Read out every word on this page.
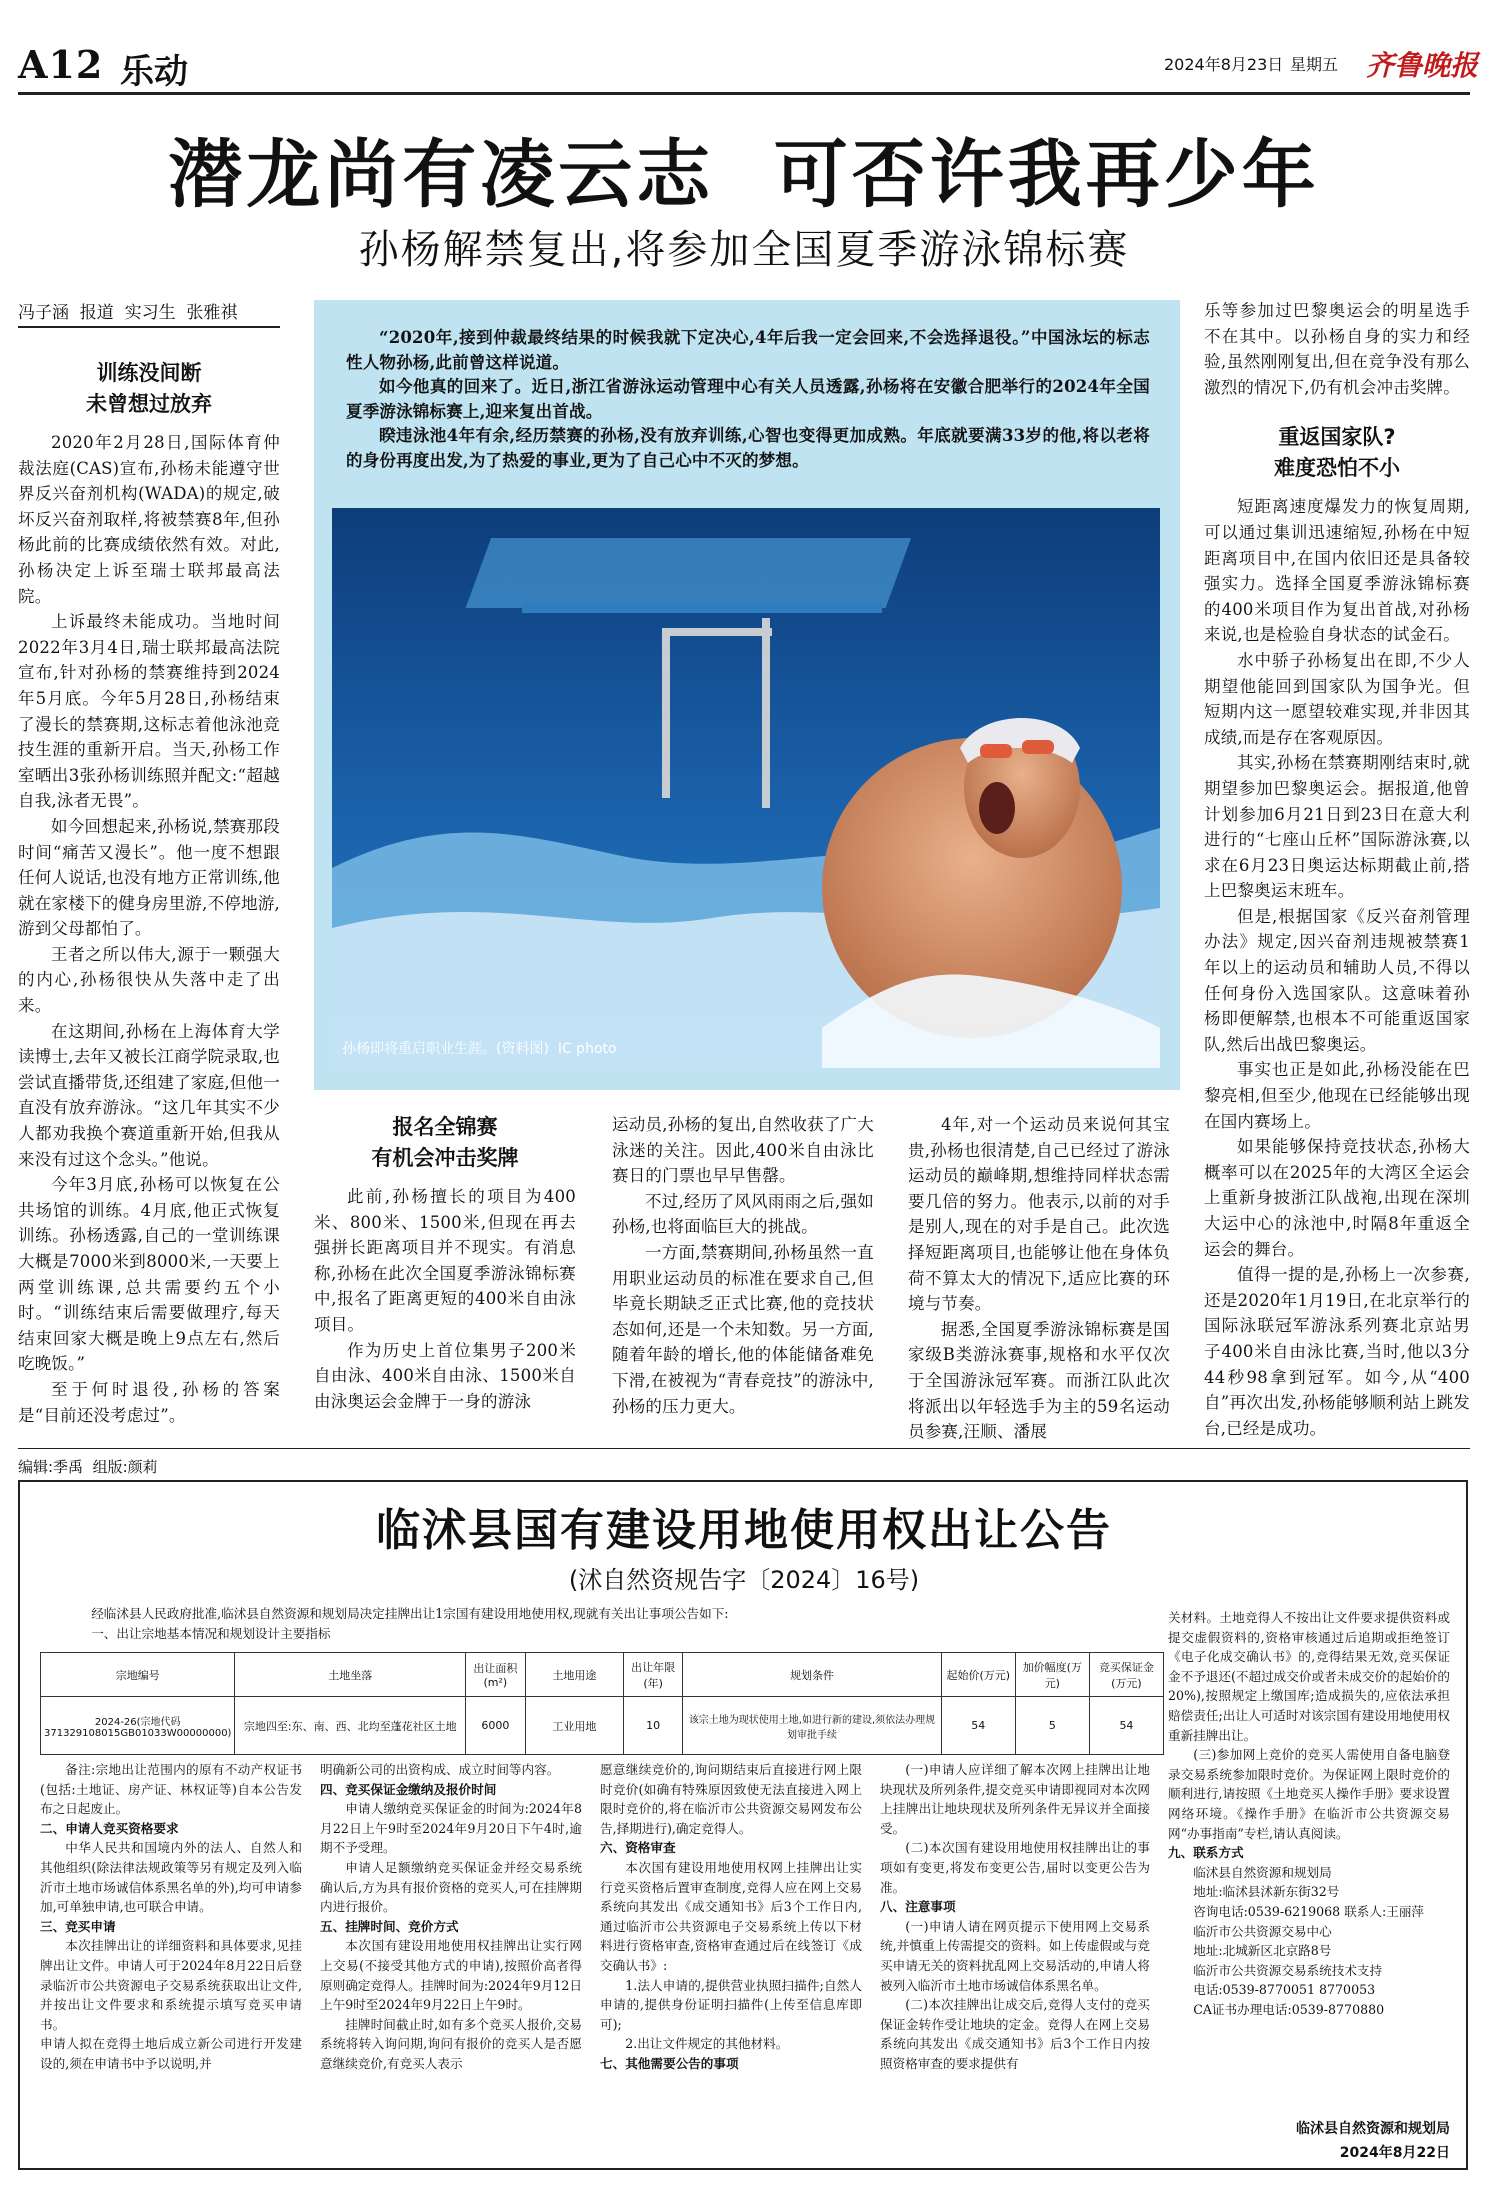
A12 乐动	2024年8月23日 星期五 齐鲁晚报
潜龙尚有凌云志  可否许我再少年
孙杨解禁复出,将参加全国夏季游泳锦标赛
冯子涵  报道  实习生  张雅祺

“2020年,接到仲裁最终结果的时候我就下定决心,4年后我一定会回来,不会选择退役。”中国泳坛的标志性人物孙杨,此前曾这样说道。

如今他真的回来了。近日,浙江省游泳运动管理中心有关人员透露,孙杨将在安徽合肥举行的2024年全国夏季游泳锦标赛上,迎来复出首战。

睽违泳池4年有余,经历禁赛的孙杨,没有放弃训练,心智也变得更加成熟。年底就要满33岁的他,将以老将的身份再度出发,为了热爱的事业,更为了自己心中不灭的梦想。

孙杨即将重启职业生涯。(资料图)  IC photo
训练没间断
未曾想过放弃

2020年2月28日,国际体育仲裁法庭(CAS)宣布,孙杨未能遵守世界反兴奋剂机构(WADA)的规定,破坏反兴奋剂取样,将被禁赛8年,但孙杨此前的比赛成绩依然有效。对此,孙杨决定上诉至瑞士联邦最高法院。

上诉最终未能成功。当地时间2022年3月4日,瑞士联邦最高法院宣布,针对孙杨的禁赛维持到2024年5月底。今年5月28日,孙杨结束了漫长的禁赛期,这标志着他泳池竞技生涯的重新开启。当天,孙杨工作室晒出3张孙杨训练照并配文:“超越自我,泳者无畏”。

如今回想起来,孙杨说,禁赛那段时间“痛苦又漫长”。他一度不想跟任何人说话,也没有地方正常训练,他就在家楼下的健身房里游,不停地游,游到父母都怕了。

王者之所以伟大,源于一颗强大的内心,孙杨很快从失落中走了出来。

在这期间,孙杨在上海体育大学读博士,去年又被长江商学院录取,也尝试直播带货,还组建了家庭,但他一直没有放弃游泳。“这几年其实不少人都劝我换个赛道重新开始,但我从来没有过这个念头。”他说。

今年3月底,孙杨可以恢复在公共场馆的训练。4月底,他正式恢复训练。孙杨透露,自己的一堂训练课大概是7000米到8000米,一天要上两堂训练课,总共需要约五个小时。“训练结束后需要做理疗,每天结束回家大概是晚上9点左右,然后吃晚饭。”

至于何时退役,孙杨的答案是“目前还没考虑过”。

报名全锦赛
有机会冲击奖牌

此前,孙杨擅长的项目为400米、800米、1500米,但现在再去强拼长距离项目并不现实。有消息称,孙杨在此次全国夏季游泳锦标赛中,报名了距离更短的400米自由泳项目。

作为历史上首位集男子200米自由泳、400米自由泳、1500米自由泳奥运会金牌于一身的游泳

运动员,孙杨的复出,自然收获了广大泳迷的关注。因此,400米自由泳比赛日的门票也早早售罄。

不过,经历了风风雨雨之后,强如孙杨,也将面临巨大的挑战。

一方面,禁赛期间,孙杨虽然一直用职业运动员的标准在要求自己,但毕竟长期缺乏正式比赛,他的竞技状态如何,还是一个未知数。另一方面,随着年龄的增长,他的体能储备难免下滑,在被视为“青春竞技”的游泳中,孙杨的压力更大。

4年,对一个运动员来说何其宝贵,孙杨也很清楚,自己已经过了游泳运动员的巅峰期,想维持同样状态需要几倍的努力。他表示,以前的对手是别人,现在的对手是自己。此次选择短距离项目,也能够让他在身体负荷不算太大的情况下,适应比赛的环境与节奏。

据悉,全国夏季游泳锦标赛是国家级B类游泳赛事,规格和水平仅次于全国游泳冠军赛。而浙江队此次将派出以年轻选手为主的59名运动员参赛,汪顺、潘展

乐等参加过巴黎奥运会的明星选手不在其中。以孙杨自身的实力和经验,虽然刚刚复出,但在竞争没有那么激烈的情况下,仍有机会冲击奖牌。

重返国家队?
难度恐怕不小

短距离速度爆发力的恢复周期,可以通过集训迅速缩短,孙杨在中短距离项目中,在国内依旧还是具备较强实力。选择全国夏季游泳锦标赛的400米项目作为复出首战,对孙杨来说,也是检验自身状态的试金石。

水中骄子孙杨复出在即,不少人期望他能回到国家队为国争光。但短期内这一愿望较难实现,并非因其成绩,而是存在客观原因。

其实,孙杨在禁赛期刚结束时,就期望参加巴黎奥运会。据报道,他曾计划参加6月21日到23日在意大利进行的“七座山丘杯”国际游泳赛,以求在6月23日奥运达标期截止前,搭上巴黎奥运末班车。

但是,根据国家《反兴奋剂管理办法》规定,因兴奋剂违规被禁赛1年以上的运动员和辅助人员,不得以任何身份入选国家队。这意味着孙杨即便解禁,也根本不可能重返国家队,然后出战巴黎奥运。

事实也正是如此,孙杨没能在巴黎亮相,但至少,他现在已经能够出现在国内赛场上。

如果能够保持竞技状态,孙杨大概率可以在2025年的大湾区全运会上重新身披浙江队战袍,出现在深圳大运中心的泳池中,时隔8年重返全运会的舞台。

值得一提的是,孙杨上一次参赛,还是2020年1月19日,在北京举行的国际泳联冠军游泳系列赛北京站男子400米自由泳比赛,当时,他以3分44秒98拿到冠军。如今,从“400自”再次出发,孙杨能够顺利站上跳发台,已经是成功。

编辑:季禹  组版:颜莉
临沭县国有建设用地使用权出让公告
(沭自然资规告字〔2024〕16号)

经临沭县人民政府批准,临沭县自然资源和规划局决定挂牌出让1宗国有建设用地使用权,现就有关出让事项公告如下:

一、出让宗地基本情况和规划设计主要指标

宗地编号	土地坐落	出让面积(m²)	土地用途	出让年限(年)	规划条件	起始价(万元)	加价幅度(万元)	竞买保证金(万元)
2024-26(宗地代码371329108015GB01033W00000000)	宗地四至:东、南、西、北均至蓬花社区土地	6000	工业用地	10	该宗土地为现状使用土地,如进行新的建设,须依法办理规划审批手续	54	5	54

备注:宗地出让范围内的原有不动产权证书(包括:土地证、房产证、林权证等)自本公告发布之日起废止。

二、申请人竞买资格要求

中华人民共和国境内外的法人、自然人和其他组织(除法律法规政策等另有规定及列入临沂市土地市场诚信体系黑名单的外),均可申请参加,可单独申请,也可联合申请。

三、竞买申请

本次挂牌出让的详细资料和具体要求,见挂牌出让文件。申请人可于2024年8月22日后登录临沂市公共资源电子交易系统获取出让文件,并按出让文件要求和系统提示填写竞买申请书。

申请人拟在竞得土地后成立新公司进行开发建设的,须在申请书中予以说明,并

明确新公司的出资构成、成立时间等内容。

四、竞买保证金缴纳及报价时间

申请人缴纳竞买保证金的时间为:2024年8月22日上午9时至2024年9月20日下午4时,逾期不予受理。

申请人足额缴纳竞买保证金并经交易系统确认后,方为具有报价资格的竞买人,可在挂牌期内进行报价。

五、挂牌时间、竞价方式

本次国有建设用地使用权挂牌出让实行网上交易(不接受其他方式的申请),按照价高者得原则确定竞得人。挂牌时间为:2024年9月12日上午9时至2024年9月22日上午9时。

挂牌时间截止时,如有多个竞买人报价,交易系统将转入询问期,询问有报价的竞买人是否愿意继续竞价,有竞买人表示

愿意继续竞价的,询问期结束后直接进行网上限时竞价(如确有特殊原因致使无法直接进入网上限时竞价的,将在临沂市公共资源交易网发布公告,择期进行),确定竞得人。

六、资格审查

本次国有建设用地使用权网上挂牌出让实行竞买资格后置审查制度,竞得人应在网上交易系统向其发出《成交通知书》后3个工作日内,通过临沂市公共资源电子交易系统上传以下材料进行资格审查,资格审查通过后在线签订《成交确认书》:

1.法人申请的,提供营业执照扫描件;自然人申请的,提供身份证明扫描件(上传至信息库即可);

2.出让文件规定的其他材料。

七、其他需要公告的事项

(一)申请人应详细了解本次网上挂牌出让地块现状及所列条件,提交竞买申请即视同对本次网上挂牌出让地块现状及所列条件无异议并全面接受。

(二)本次国有建设用地使用权挂牌出让的事项如有变更,将发布变更公告,届时以变更公告为准。

八、注意事项

(一)申请人请在网页提示下使用网上交易系统,并慎重上传需提交的资料。如上传虚假或与竞买申请无关的资料扰乱网上交易活动的,申请人将被列入临沂市土地市场诚信体系黑名单。

(二)本次挂牌出让成交后,竞得人支付的竞买保证金转作受让地块的定金。竞得人在网上交易系统向其发出《成交通知书》后3个工作日内按照资格审查的要求提供有

关材料。土地竞得人不按出让文件要求提供资料或提交虚假资料的,资格审核通过后追期或拒绝签订《电子化成交确认书》的,竞得结果无效,竞买保证金不予退还(不超过成交价或者未成交价的起始价的20%),按照规定上缴国库;造成损失的,应依法承担赔偿责任;出让人可适时对该宗国有建设用地使用权重新挂牌出让。

(三)参加网上竞价的竞买人需使用自备电脑登录交易系统参加限时竞价。为保证网上限时竞价的顺利进行,请按照《土地竞买人操作手册》要求设置网络环境。《操作手册》在临沂市公共资源交易网“办事指南”专栏,请认真阅读。

九、联系方式

临沭县自然资源和规划局

地址:临沭县沭新东街32号

咨询电话:0539-6219068 联系人:王丽萍

临沂市公共资源交易中心

地址:北城新区北京路8号

临沂市公共资源交易系统技术支持

电话:0539-8770051 8770053

CA证书办理电话:0539-8770880

临沭县自然资源和规划局
2024年8月22日
